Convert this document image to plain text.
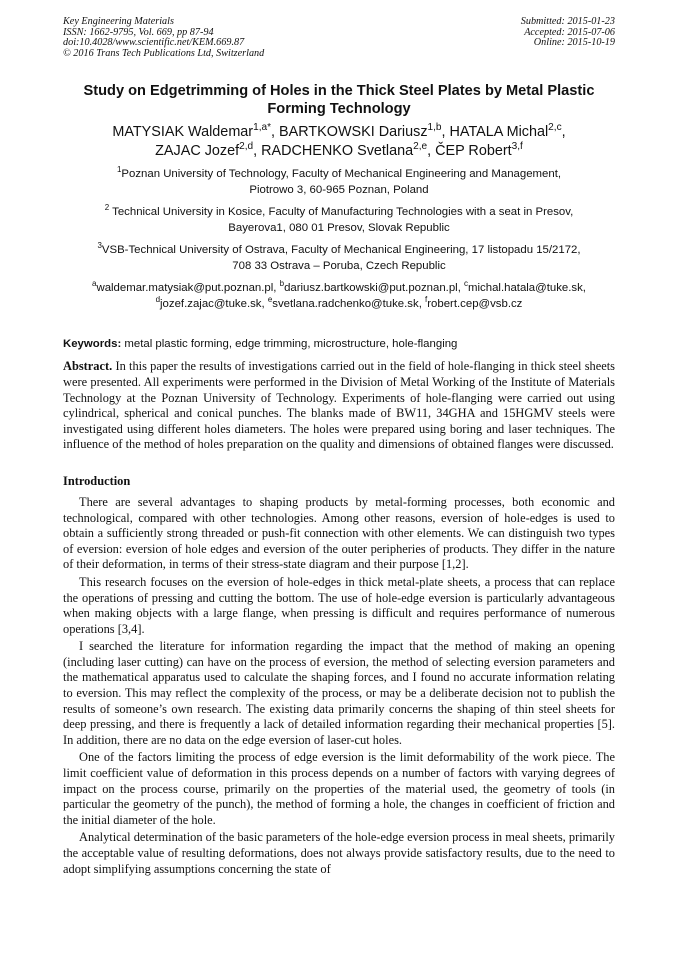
Key Engineering Materials
ISSN: 1662-9795, Vol. 669, pp 87-94
doi:10.4028/www.scientific.net/KEM.669.87
© 2016 Trans Tech Publications Ltd, Switzerland
Submitted: 2015-01-23
Accepted: 2015-07-06
Online: 2015-10-19
Study on Edgetrimming of Holes in the Thick Steel Plates by Metal Plastic Forming Technology
MATYSIAK Waldemar$^{1,a*}$, BARTKOWSKI Dariusz$^{1,b}$, HATALA Michal$^{2,c}$,
ZAJAC Jozef$^{2,d}$, RADCHENKO Svetlana$^{2,e}$, ČEP Robert$^{3,f}$
$^1$Poznan University of Technology, Faculty of Mechanical Engineering and Management,
Piotrowo 3, 60-965 Poznan, Poland
$^2$ Technical University in Kosice, Faculty of Manufacturing Technologies with a seat in Presov,
Bayerova1, 080 01 Presov, Slovak Republic
$^3$VSB-Technical University of Ostrava, Faculty of Mechanical Engineering, 17 listopadu 15/2172,
708 33 Ostrava – Poruba, Czech Republic
$^a$waldemar.matysiak@put.poznan.pl, $^b$dariusz.bartkowski@put.poznan.pl, $^c$michal.hatala@tuke.sk,
$^d$jozef.zajac@tuke.sk, $^e$svetlana.radchenko@tuke.sk, $^f$robert.cep@vsb.cz
Keywords: metal plastic forming, edge trimming, microstructure, hole-flanging
Abstract. In this paper the results of investigations carried out in the field of hole-flanging in thick steel sheets were presented. All experiments were performed in the Division of Metal Working of the Institute of Materials Technology at the Poznan University of Technology. Experiments of hole-flanging were carried out using cylindrical, spherical and conical punches. The blanks made of BW11, 34GHA and 15HGMV steels were investigated using different holes diameters. The holes were prepared using boring and laser techniques. The influence of the method of holes preparation on the quality and dimensions of obtained flanges were discussed.
Introduction
There are several advantages to shaping products by metal-forming processes, both economic and technological, compared with other technologies. Among other reasons, eversion of hole-edges is used to obtain a sufficiently strong threaded or push-fit connection with other elements. We can distinguish two types of eversion: eversion of hole edges and eversion of the outer peripheries of products. They differ in the nature of their deformation, in terms of their stress-state diagram and their purpose [1,2].
This research focuses on the eversion of hole-edges in thick metal-plate sheets, a process that can replace the operations of pressing and cutting the bottom. The use of hole-edge eversion is particularly advantageous when making objects with a large flange, when pressing is difficult and requires performance of numerous operations [3,4].
I searched the literature for information regarding the impact that the method of making an opening (including laser cutting) can have on the process of eversion, the method of selecting eversion parameters and the mathematical apparatus used to calculate the shaping forces, and I found no accurate information relating to eversion. This may reflect the complexity of the process, or may be a deliberate decision not to publish the results of someone’s own research. The existing data primarily concerns the shaping of thin steel sheets for deep pressing, and there is frequently a lack of detailed information regarding their mechanical properties [5]. In addition, there are no data on the edge eversion of laser-cut holes.
One of the factors limiting the process of edge eversion is the limit deformability of the work piece. The limit coefficient value of deformation in this process depends on a number of factors with varying degrees of impact on the process course, primarily on the properties of the material used, the geometry of tools (in particular the geometry of the punch), the method of forming a hole, the changes in coefficient of friction and the initial diameter of the hole.
Analytical determination of the basic parameters of the hole-edge eversion process in meal sheets, primarily the acceptable value of resulting deformations, does not always provide satisfactory results, due to the need to adopt simplifying assumptions concerning the state of
